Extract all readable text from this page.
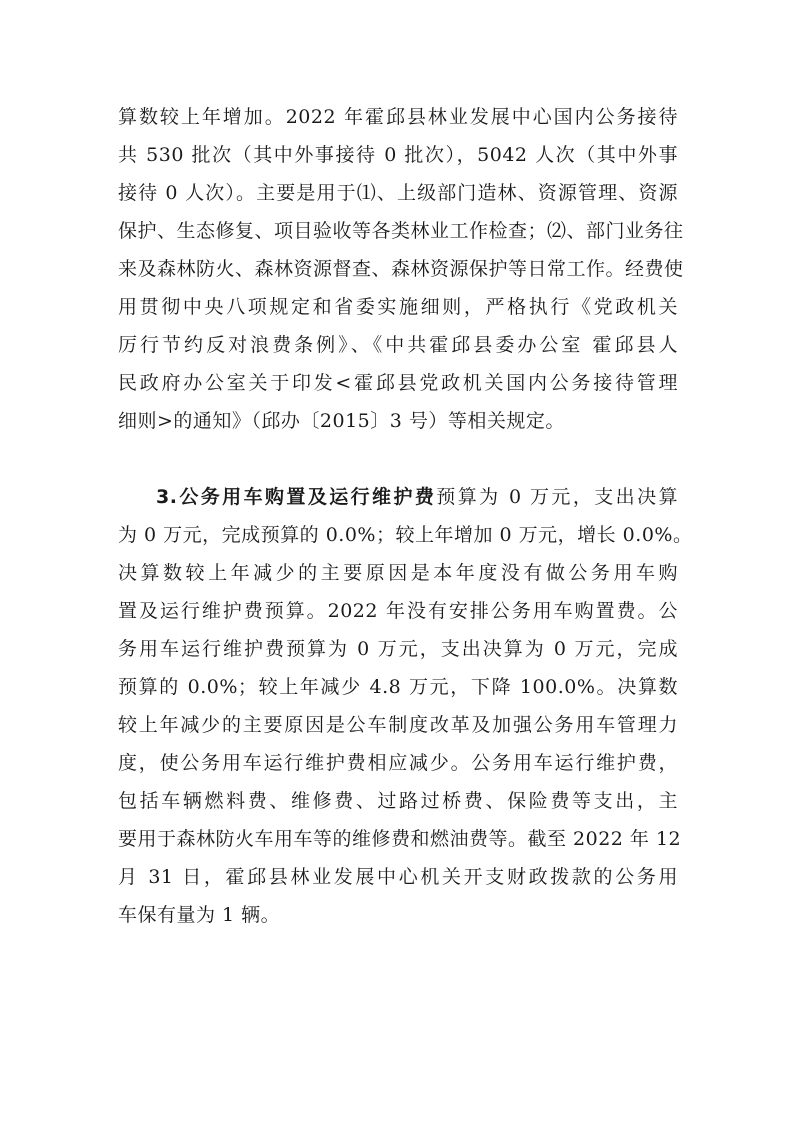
算数较上年增加。2022 年霍邱县林业发展中心国内公务接待
共 530 批次（其中外事接待 0 批次），5042 人次（其中外事
接待 0 人次）。主要是用于⑴、上级部门造林、资源管理、资源
保护、生态修复、项目验收等各类林业工作检查；⑵、部门业务往
来及森林防火、森林资源督查、森林资源保护等日常工作。经费使
用贯彻中央八项规定和省委实施细则，严格执行《党政机关
厉行节约反对浪费条例》、《中共霍邱县委办公室 霍邱县人
民政府办公室关于印发<霍邱县党政机关国内公务接待管理
细则>的通知》（邱办〔2015〕3 号）等相关规定。
3.公务用车购置及运行维护费预算为 0 万元，支出决算
为 0 万元，完成预算的 0.0%；较上年增加 0 万元，增长 0.0%。
决算数较上年减少的主要原因是本年度没有做公务用车购
置及运行维护费预算。2022 年没有安排公务用车购置费。公
务用车运行维护费预算为 0 万元，支出决算为 0 万元，完成
预算的 0.0%；较上年减少 4.8 万元，下降 100.0%。决算数
较上年减少的主要原因是公车制度改革及加强公务用车管理力
度，使公务用车运行维护费相应减少。公务用车运行维护费，
包括车辆燃料费、维修费、过路过桥费、保险费等支出，主
要用于森林防火车用车等的维修费和燃油费等。截至 2022 年 12
月 31 日，霍邱县林业发展中心机关开支财政拨款的公务用
车保有量为 1 辆。
